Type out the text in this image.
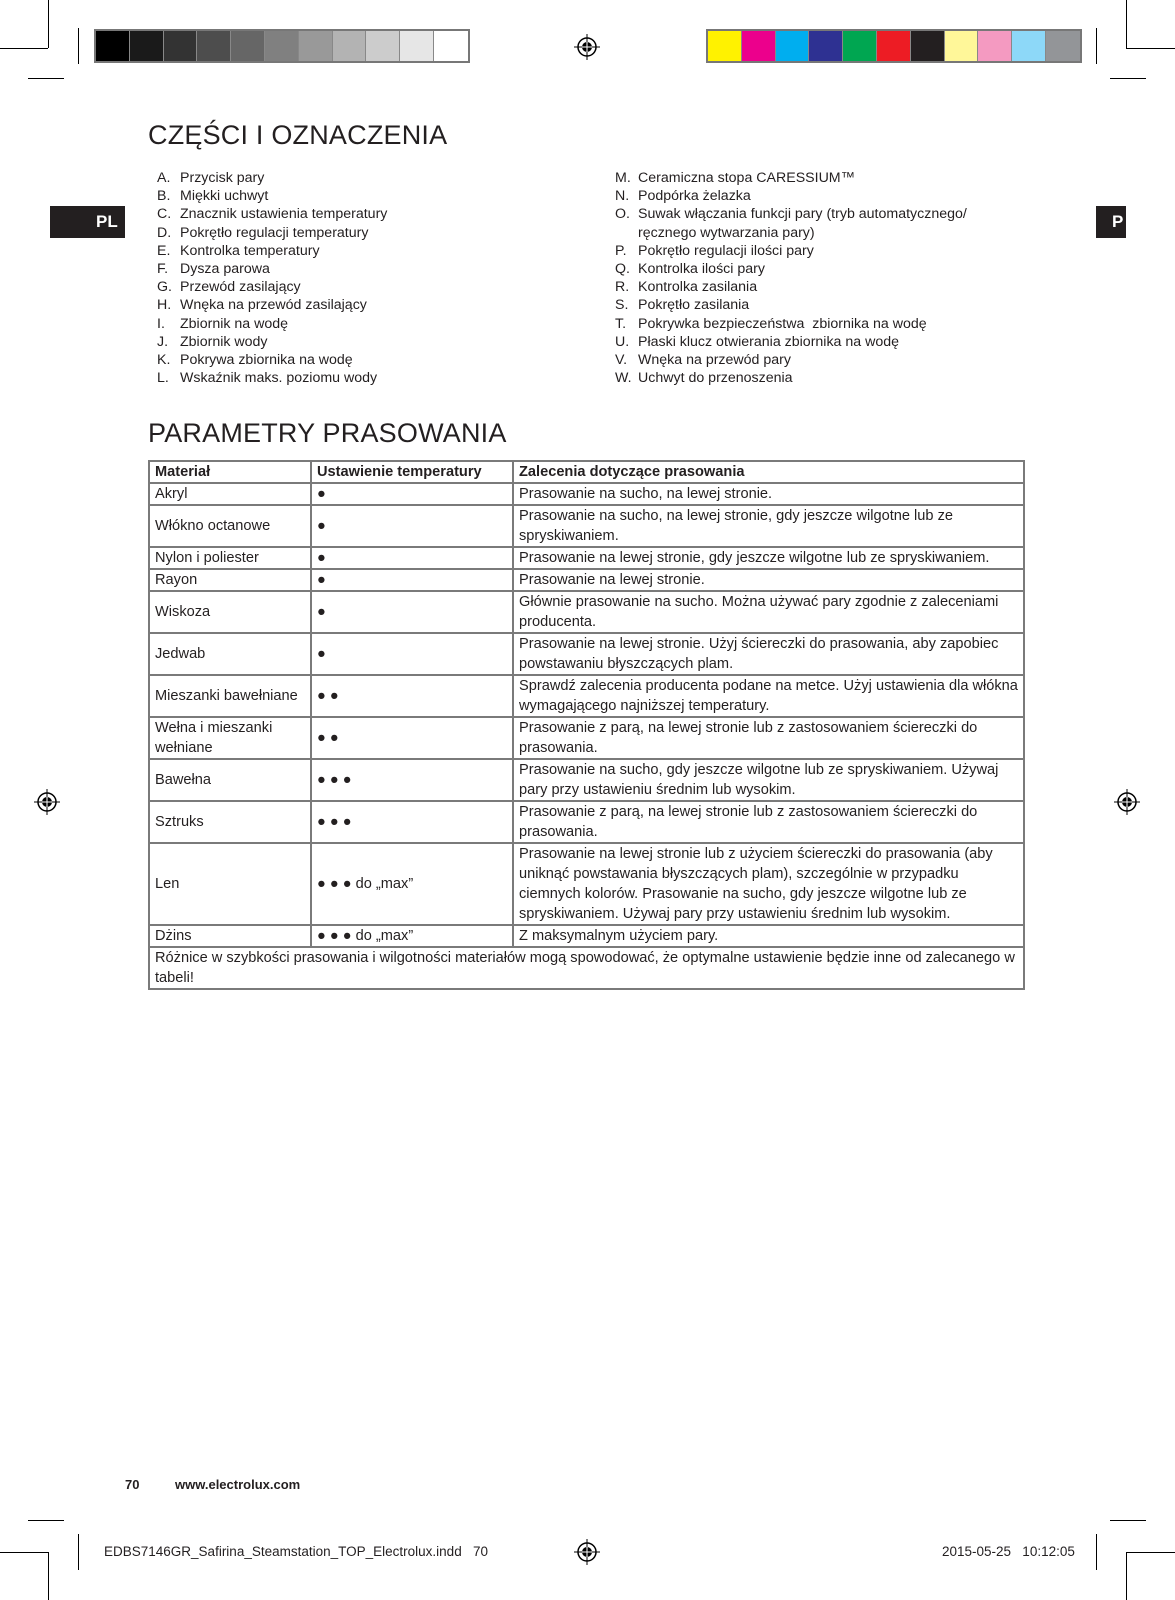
PL	P
CZĘŚCI I OZNACZENIA
A. Przycisk pary
B. Miękki uchwyt
C. Znacznik ustawienia temperatury
D. Pokrętło regulacji temperatury
E. Kontrolka temperatury
F. Dysza parowa
G. Przewód zasilający
H. Wnęka na przewód zasilający
I.	Zbiornik na wodę
J. Zbiornik wody
K. Pokrywa zbiornika na wodę
L. Wskaźnik maks. poziomu wody
M. Ceramiczna stopa CARESSIUM™
N. Podpórka żelazka
O. Suwak włączania funkcji pary (tryb automatycznego/
ręcznego wytwarzania pary)
P. Pokrętło regulacji ilości pary
Q. Kontrolka ilości pary
R. Kontrolka zasilania
S. Pokrętło zasilania
T. Pokrywka bezpieczeństwa  zbiornika na wodę
U. Płaski klucz otwierania zbiornika na wodę
V. Wnęka na przewód pary
W. Uchwyt do przenoszenia
PARAMETRY PRASOWANIA
Materiał	Ustawienie temperatury	Zalecenia dotyczące prasowania
Akryl	●	Prasowanie na sucho, na lewej stronie.
Włókno octanowe	●	Prasowanie na sucho, na lewej stronie, gdy jeszcze wilgotne lub ze spryskiwaniem.
Nylon i poliester	●	Prasowanie na lewej stronie, gdy jeszcze wilgotne lub ze spryskiwaniem.
Rayon	●	Prasowanie na lewej stronie.
Wiskoza	●	Głównie prasowanie na sucho. Można używać pary zgodnie z zaleceniami producenta.
Jedwab	●	Prasowanie na lewej stronie. Użyj ściereczki do prasowania, aby zapobiec powstawaniu błyszczących plam.
Mieszanki bawełniane	● ●	Sprawdź zalecenia producenta podane na metce. Użyj ustawienia dla włókna wymagającego najniższej temperatury.
Wełna i mieszanki wełniane	● ●	Prasowanie z parą, na lewej stronie lub z zastosowaniem ściereczki do prasowania.
Bawełna	● ● ●	Prasowanie na sucho, gdy jeszcze wilgotne lub ze spryskiwaniem. Używaj pary przy ustawieniu średnim lub wysokim.
Sztruks	● ● ●	Prasowanie z parą, na lewej stronie lub z zastosowaniem ściereczki do prasowania.
Len	● ● ● do „max”	Prasowanie na lewej stronie lub z użyciem ściereczki do prasowania (aby uniknąć powstawania błyszczących plam), szczególnie w przypadku ciemnych kolorów. Prasowanie na sucho, gdy jeszcze wilgotne lub ze spryskiwaniem. Używaj pary przy ustawieniu średnim lub wysokim.
Dżins	● ● ● do „max”	Z maksymalnym użyciem pary.
Różnice w szybkości prasowania i wilgotności materiałów mogą spowodować, że optymalne ustawienie będzie inne od zalecanego w tabeli!		
70	www.electrolux.com
EDBS7146GR_Safirina_Steamstation_TOP_Electrolux.indd   70	2015-05-25   10:12:05
